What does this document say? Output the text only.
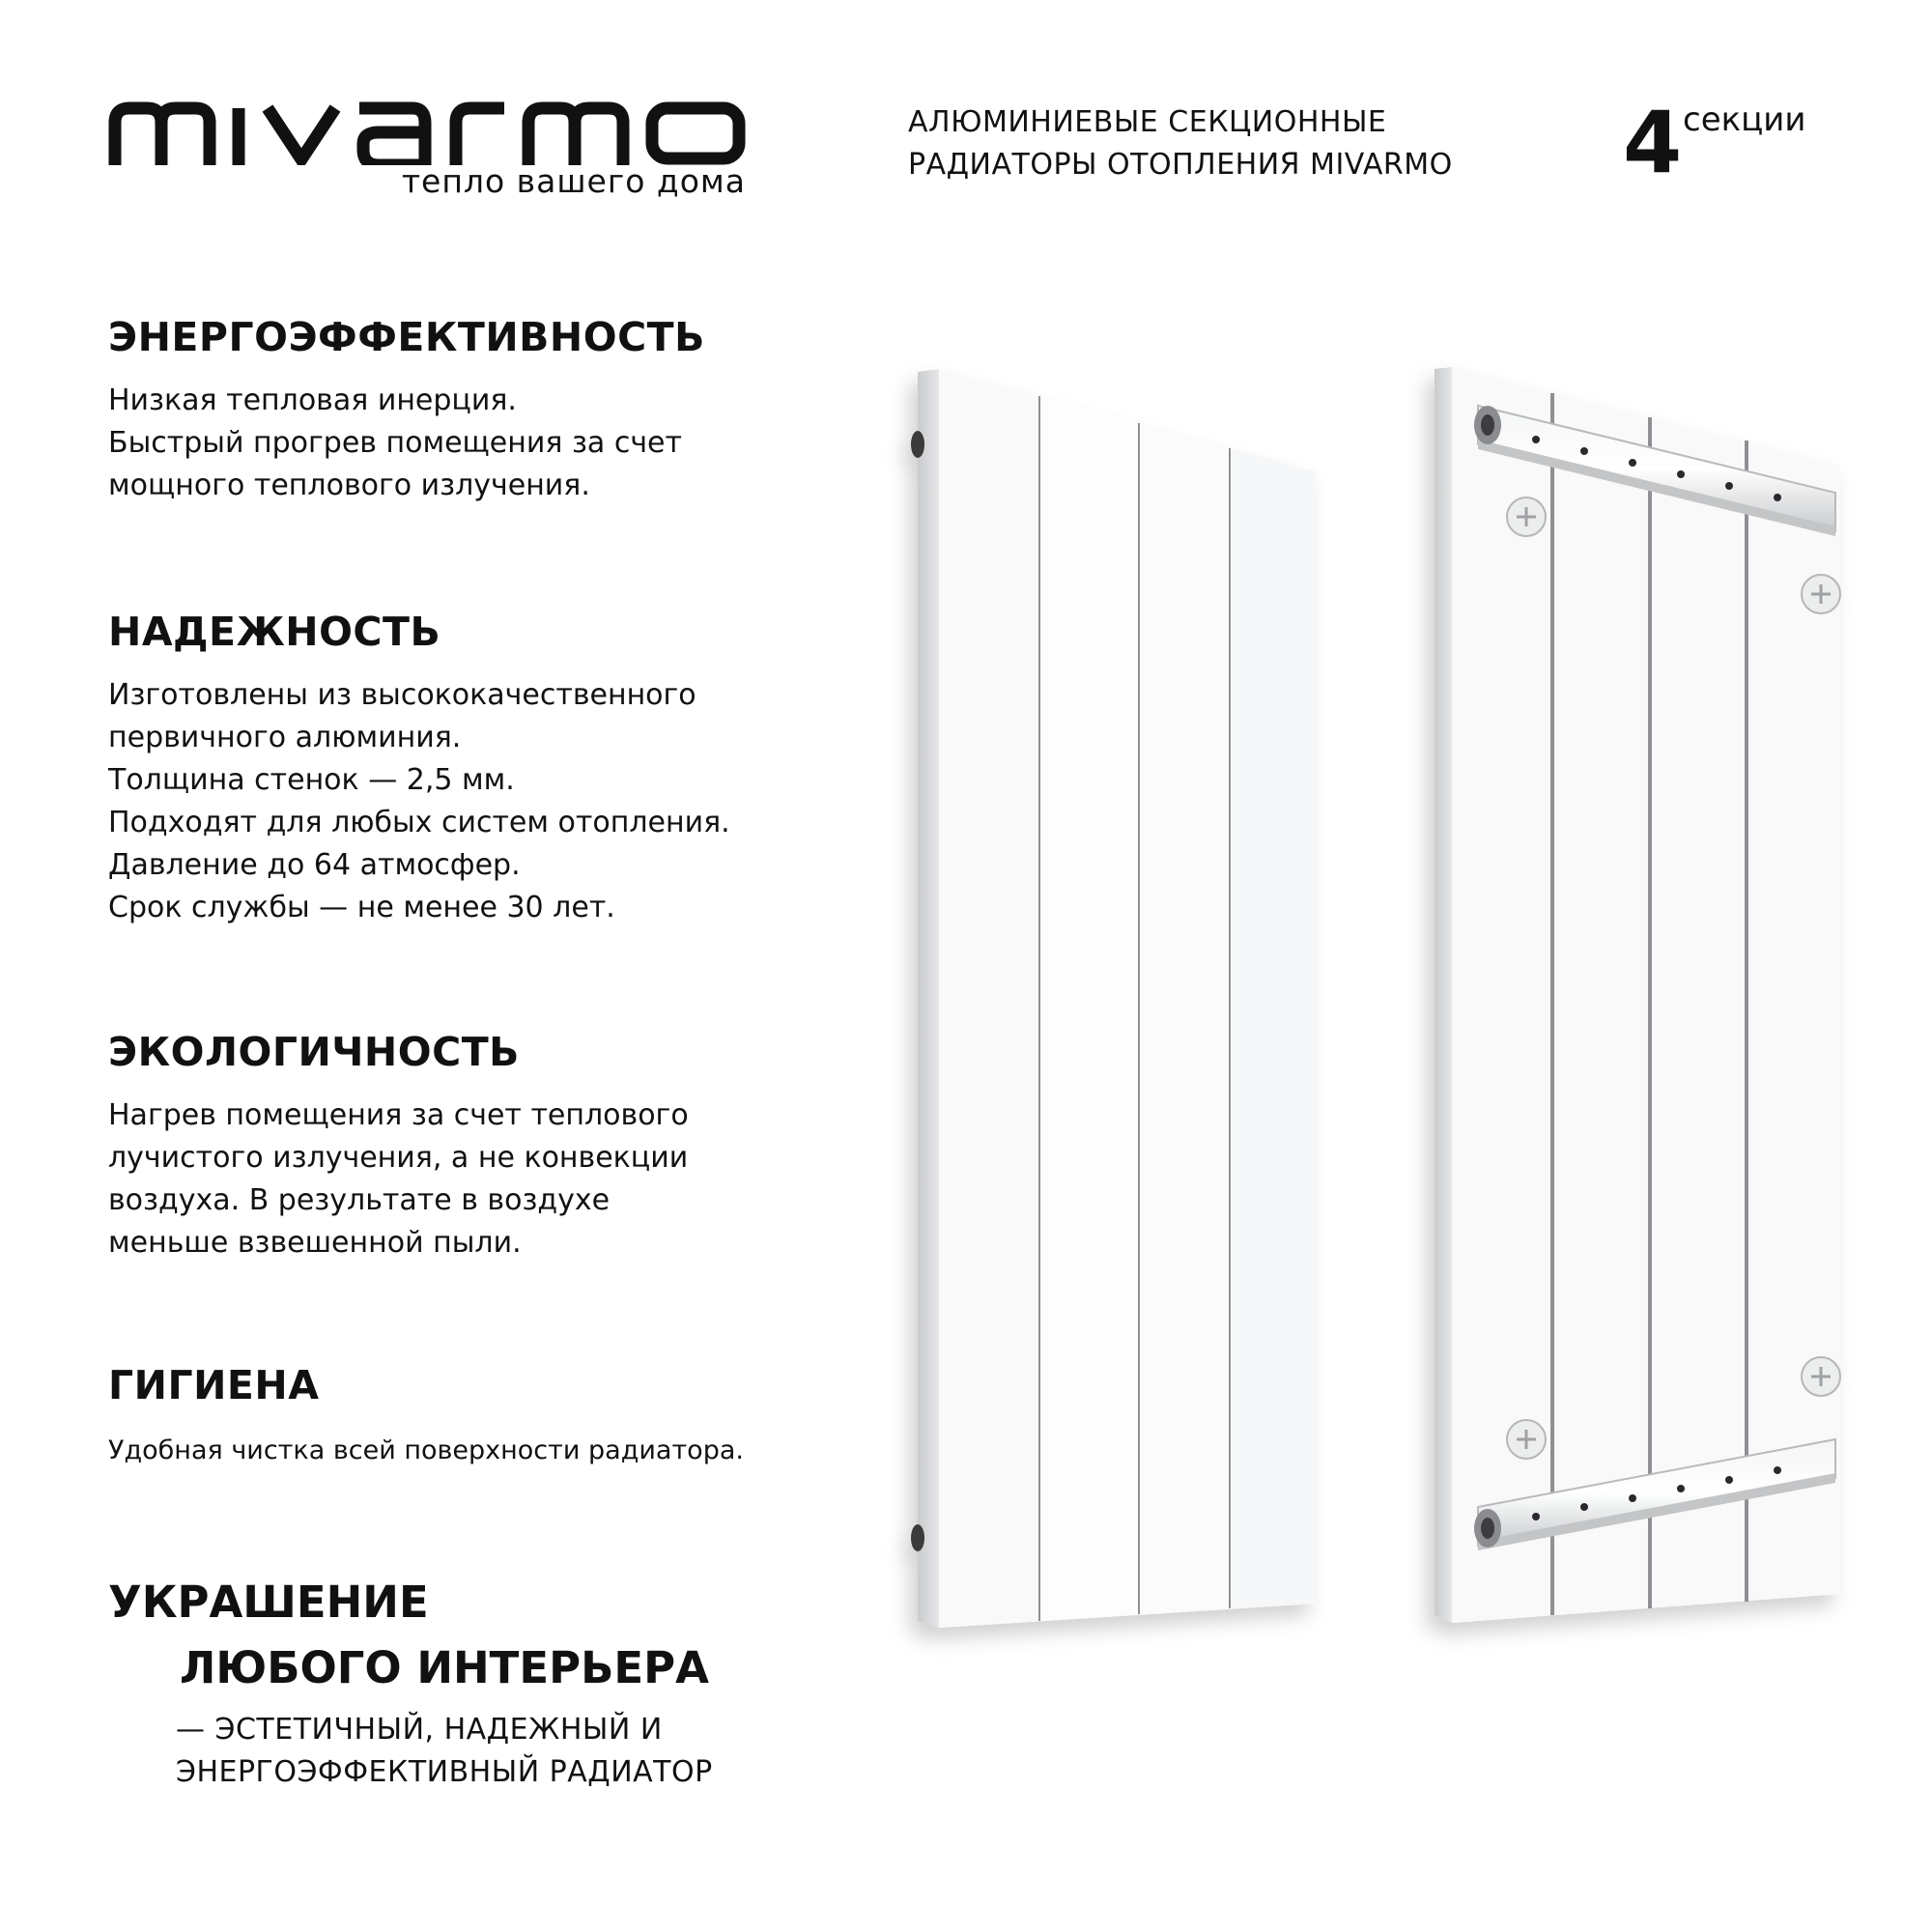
тепло вашего дома
АЛЮМИНИЕВЫЕ СЕКЦИОННЫЕ
РАДИАТОРЫ ОТОПЛЕНИЯ MIVARMO	4 секции
ЭНЕРГОЭФФЕКТИВНОСТЬ
Низкая тепловая инерция.
Быстрый прогрев помещения за счет
мощного теплового излучения.
НАДЕЖНОСТЬ
Изготовлены из высококачественного
первичного алюминия.
Толщина стенок — 2,5 мм.
Подходят для любых систем отопления.
Давление до 64 атмосфер.
Срок службы — не менее 30 лет.
ЭКОЛОГИЧНОСТЬ
Нагрев помещения за счет теплового
лучистого излучения, а не конвекции
воздуха. В результате в воздухе
меньше взвешенной пыли.
ГИГИЕНА
Удобная чистка всей поверхности радиатора.
УКРАШЕНИЕ
ЛЮБОГО ИНТЕРЬЕРА
— ЭСТЕТИЧНЫЙ, НАДЕЖНЫЙ И
ЭНЕРГОЭФФЕКТИВНЫЙ РАДИАТОР
